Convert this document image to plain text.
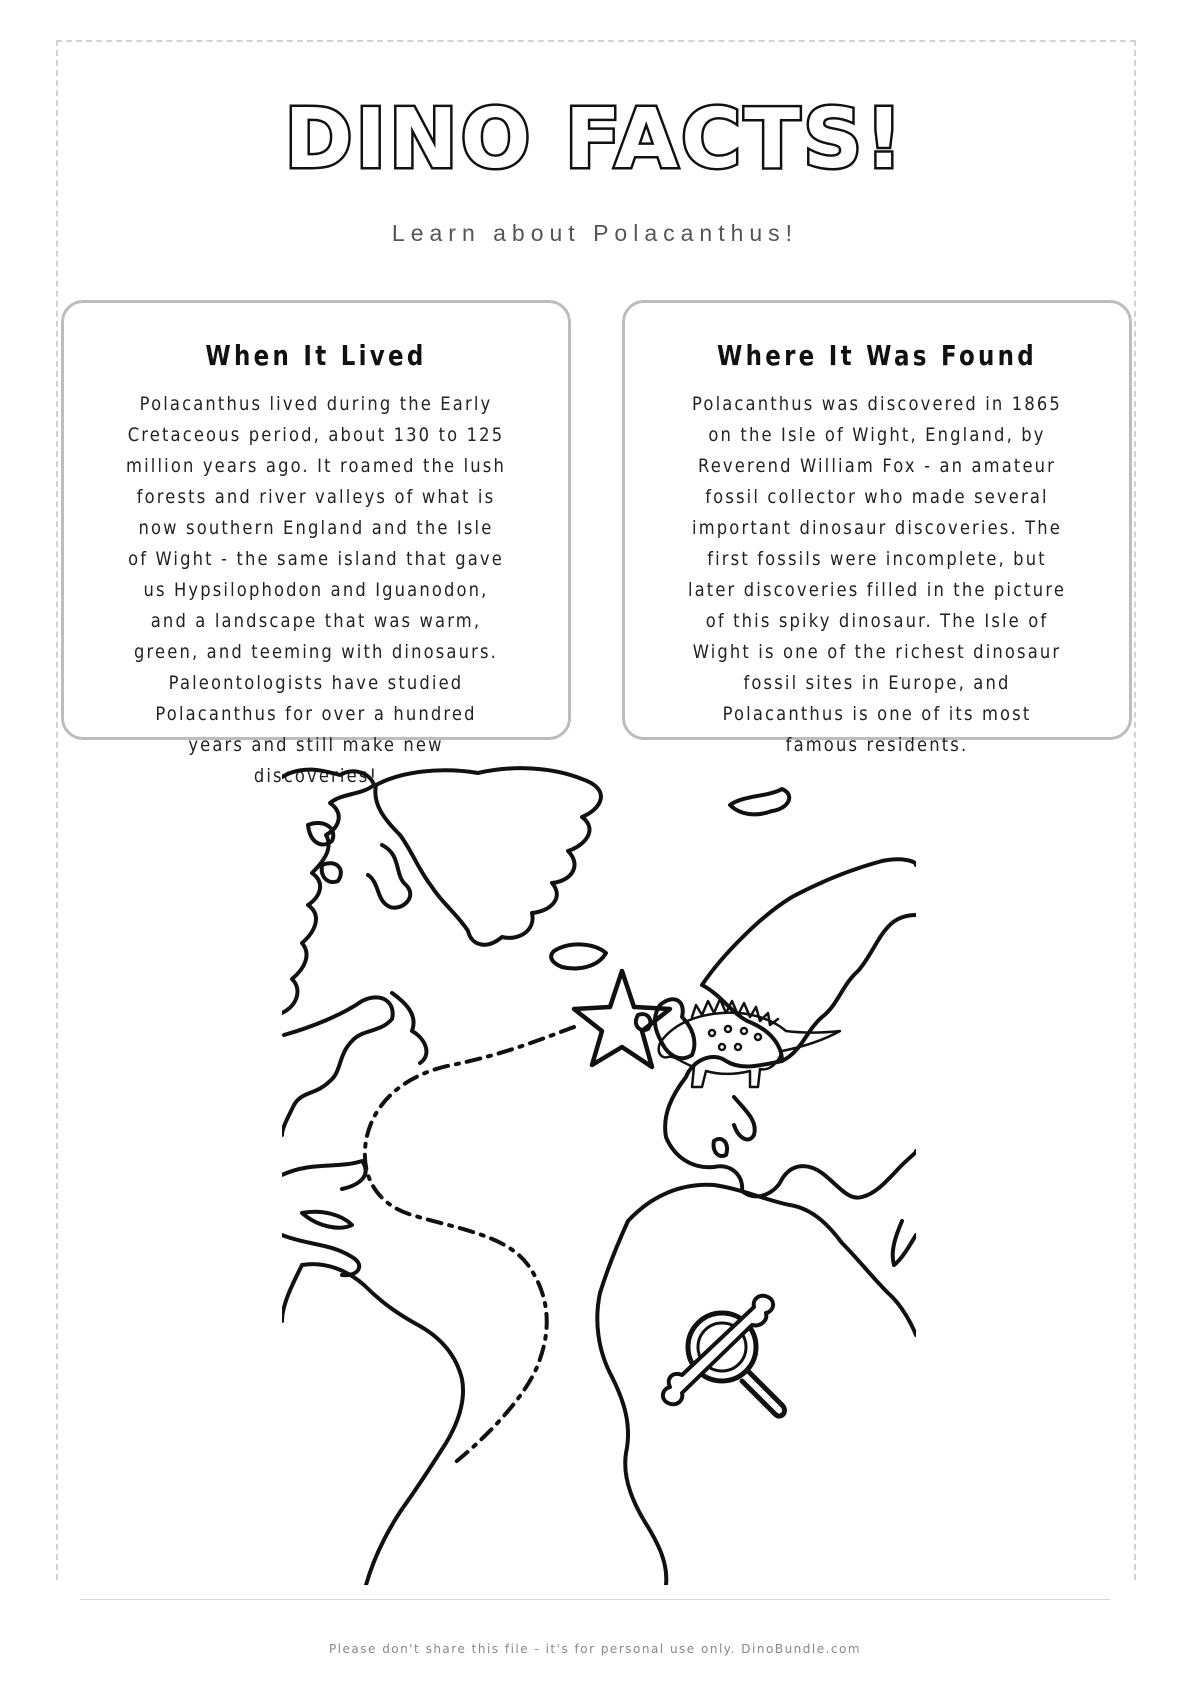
DINO FACTS!
Learn about Polacanthus!
When It Lived

Polacanthus lived during the Early Cretaceous period, about 130 to 125 million years ago. It roamed the lush forests and river valleys of what is now southern England and the Isle of Wight - the same island that gave us Hypsilophodon and Iguanodon, and a landscape that was warm, green, and teeming with dinosaurs. Paleontologists have studied Polacanthus for over a hundred years and still make new discoveries!

Where It Was Found

Polacanthus was discovered in 1865 on the Isle of Wight, England, by Reverend William Fox - an amateur fossil collector who made several important dinosaur discoveries. The first fossils were incomplete, but later discoveries filled in the picture of this spiky dinosaur. The Isle of Wight is one of the richest dinosaur fossil sites in Europe, and Polacanthus is one of its most famous residents.

Please don't share this file - it's for personal use only. DinoBundle.com
